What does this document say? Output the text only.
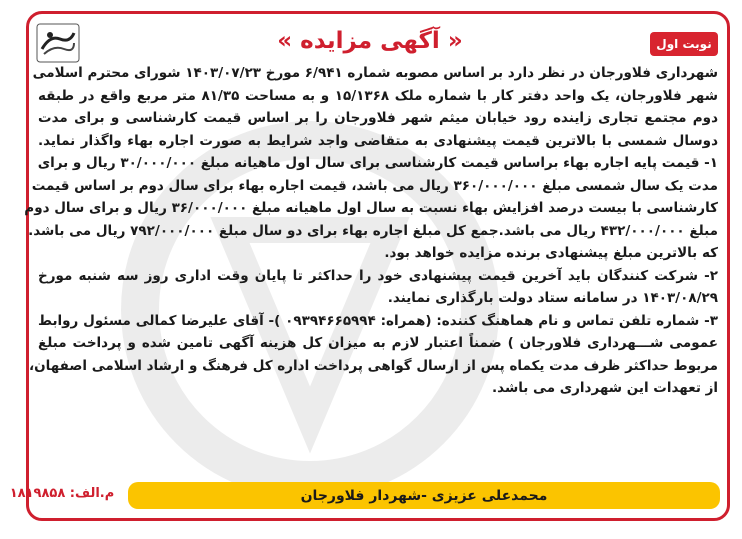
« آگهی مزایده »	نوبت اول
شهرداری فلاورجان در نظر دارد بر اساس مصوبه شماره ۶/۹۴۱ مورخ ۱۴۰۳/۰۷/۲۳ شورای محترم اسلامی
شهر فلاورجان، یک واحد دفتر کار با شماره ملک ۱۵/۱۳۶۸ و به مساحت ۸۱/۳۵ متر مربع واقع در طبقه
دوم مجتمع تجاری زاینده رود خیابان میثم شهر فلاورجان را بر اساس قیمت کارشناسی و برای مدت
دوسال شمسی با بالاترین قیمت پیشنهادی به متقاضی واجد شرایط به صورت اجاره بهاء واگذار نماید.
۱- قیمت پایه اجاره بهاء براساس قیمت کارشناسی برای سال اول ماهیانه مبلغ ۳۰/۰۰۰/۰۰۰ ریال و برای
مدت یک سال شمسی مبلغ ۳۶۰/۰۰۰/۰۰۰ ریال می باشد، قیمت اجاره بهاء برای سال دوم بر اساس قیمت
کارشناسی با بیست درصد افزایش بهاء نسبت به سال اول ماهیانه مبلغ ۳۶/۰۰۰/۰۰۰ ریال و برای سال دوم
مبلغ ۴۳۲/۰۰۰/۰۰۰ ریال می باشد.جمع کل مبلغ اجاره بهاء برای دو سال مبلغ ۷۹۲/۰۰۰/۰۰۰ ریال می باشد.
که بالاترین مبلغ پیشنهادی برنده مزایده خواهد بود.
۲- شرکت کنندگان باید آخرین قیمت پیشنهادی خود را حداکثر تا پایان وقت اداری روز سه شنبه مورخ
۱۴۰۳/۰۸/۲۹ در سامانه ستاد دولت بارگذاری نمایند.
۳- شماره تلفن تماس و نام هماهنگ کننده: (همراه: ۰۹۳۹۴۶۶۵۹۹۴ )- آقای علیرضا کمالی مسئول روابط
عمومی شـــهرداری فلاورجان ) ضمناً اعتبار لازم به میزان کل هزینه آگهی تامین شده و پرداخت مبلغ
مربوط حداکثر ظرف مدت یکماه پس از ارسال گواهی پرداخت اداره کل فرهنگ و ارشاد اسلامی اصفهان،
از تعهدات این شهرداری می باشد.
محمدعلی عزیزی -شهردار فلاورجان
م.الف: ۱۸۱۹۸۵۸
